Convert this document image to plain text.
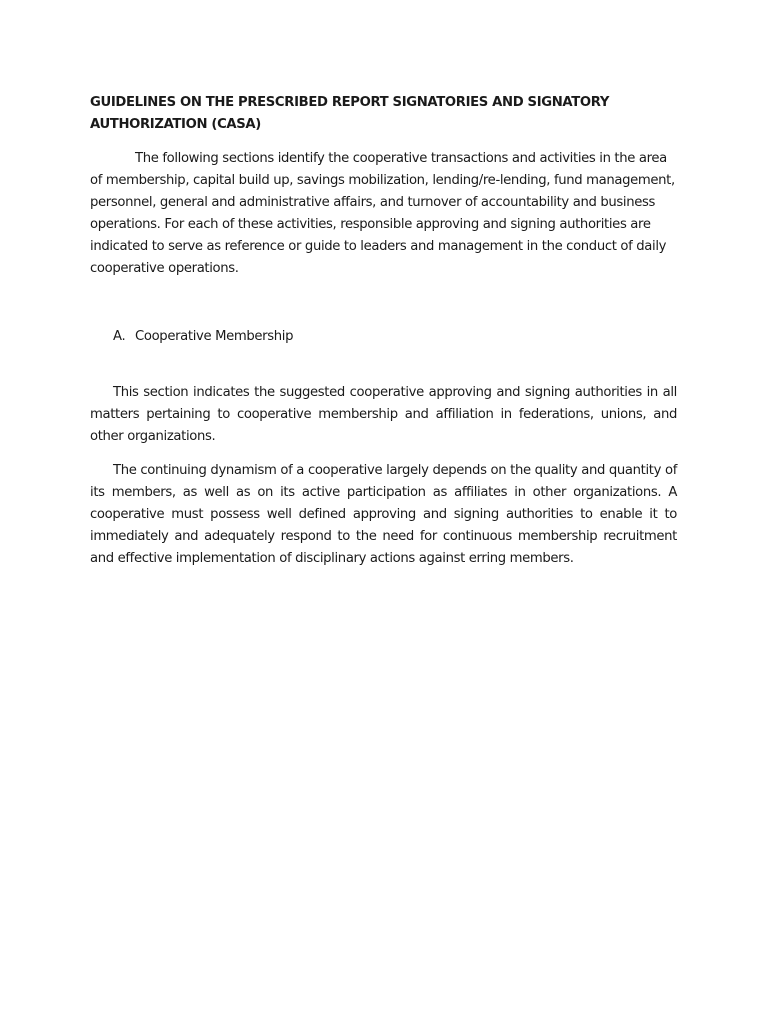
GUIDELINES ON THE PRESCRIBED REPORT SIGNATORIES AND SIGNATORY AUTHORIZATION (CASA)

The following sections identify the cooperative transactions and activities in the area of membership, capital build up, savings mobilization, lending/re-lending, fund management, personnel, general and administrative affairs, and turnover of accountability and business operations. For each of these activities, responsible approving and signing authorities are indicated to serve as reference or guide to leaders and management in the conduct of daily cooperative operations.

A. Cooperative Membership

This section indicates the suggested cooperative approving and signing authorities in all matters pertaining to cooperative membership and affiliation in federations, unions, and other organizations.

The continuing dynamism of a cooperative largely depends on the quality and quantity of its members, as well as on its active participation as affiliates in other organizations. A cooperative must possess well defined approving and signing authorities to enable it to immediately and adequately respond to the need for continuous membership recruitment and effective implementation of disciplinary actions against erring members.
